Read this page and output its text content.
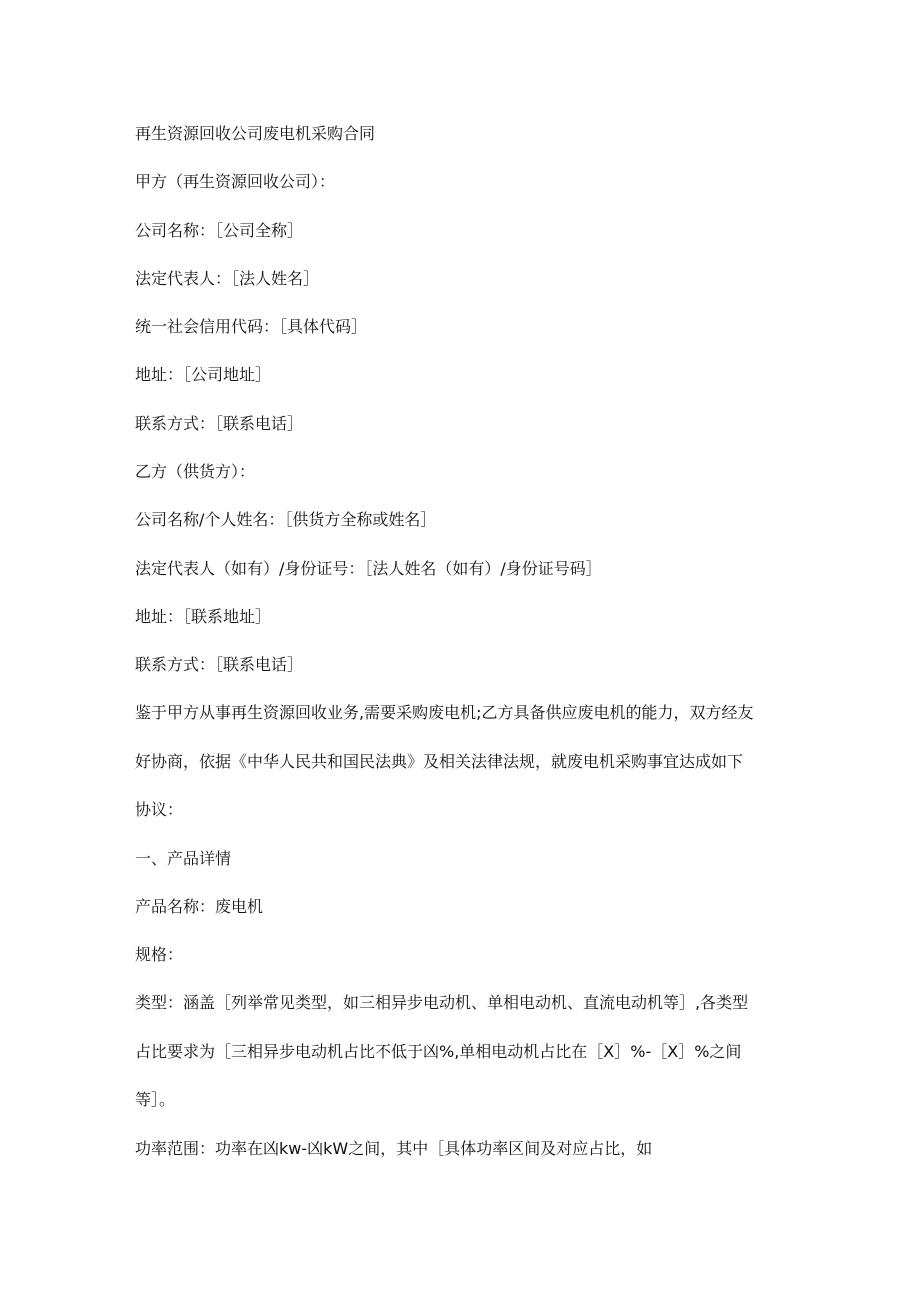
再生资源回收公司废电机采购合同
甲方（再生资源回收公司）：
公司名称：［公司全称］
法定代表人：［法人姓名］
统一社会信用代码：［具体代码］
地址：［公司地址］
联系方式：［联系电话］
乙方（供货方）：
公司名称/个人姓名：［供货方全称或姓名］
法定代表人（如有）/身份证号：［法人姓名（如有）/身份证号码］
地址：［联系地址］
联系方式：［联系电话］
鉴于甲方从事再生资源回收业务,需要采购废电机;乙方具备供应废电机的能力，双方经友
好协商，依据《中华人民共和国民法典》及相关法律法规，就废电机采购事宜达成如下
协议：
一、产品详情
产品名称：废电机
规格：
类型：涵盖［列举常见类型，如三相异步电动机、单相电动机、直流电动机等］,各类型
占比要求为［三相异步电动机占比不低于凶%,单相电动机占比在［X］%-［X］%之间
等］。
功率范围：功率在凶kw-凶kW之间，其中［具体功率区间及对应占比，如
